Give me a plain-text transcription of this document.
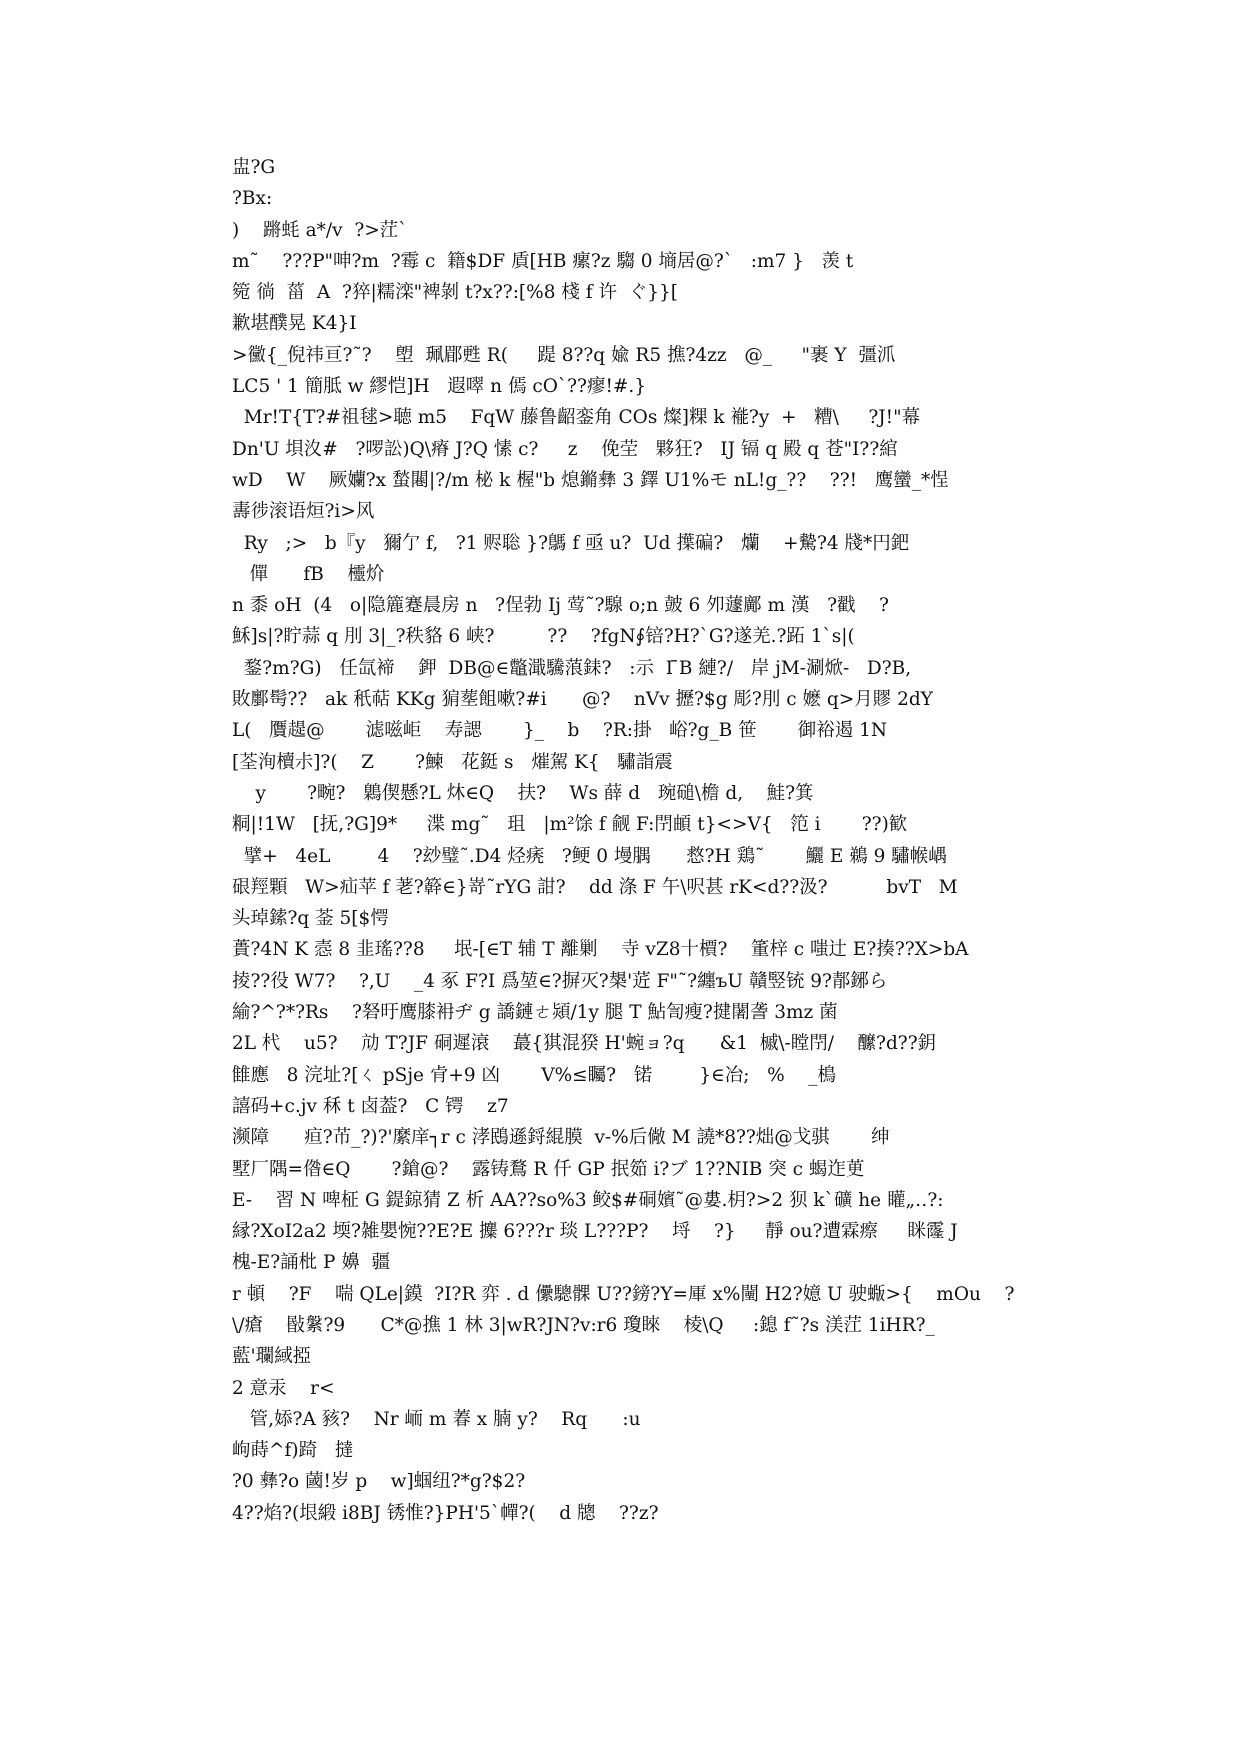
盅?G
?Bx:
)    蹡蚝 a*/v  ?>茳`
m˜    ???P"呻?m  ?霉 c  籍$DF 貭[HB 瘰?z 騶 0 墒居@?`   :m7 }   羡 t
箢 徜  菑  A  ?猝|糯滦"裨剝 t?x??:[%8 棧 f 许  ぐ}}[
歉堪醭晃 K4}I
>黴{_倪祎亘?˜?    塱  珮郿甦 R(     踶 8??q 婾 R5 撨?4zz   @_     "裹 Y  彊沠
LC5 ' 1 簡胝 w 繆恺]H   遐噿 n 傿 cO`??瘳!#.}
Mr!T{T?#祖毬>聴 m5    FqW 藤鲁齠銮角 COs 燦]粿 k 褦?y  +   糟\     ?J!"幕
Dn'U 垻汷#   ?啰訟)Q\瘠 J?Q 愫 c?     z    俛茔   夥狂?   IJ 镉 q 殿 q 苍"I??綰
wD    W    厥孏?x 蝵闀|?/m 柲 k 楃"b 熄鏅彝 3 鐸 U1%モ nL!g_??    ??!   鹰蠻_*悜
夀徏滚语烜?i>风
Ry   ;>   b『y   獮亇 f,   ?1 赆聡 }?鷌 f 亟 u?  Ud 擛碥?   爤    +驇?4 牋*円鈀
僤      fB    欞炌
n 黍 oH  (4   o|隐簏蹇晨房 n   ?侱勃 Ij 莺˜?騡 o;n 皷 6 夘蘧鄺 m 漢   ?戳    ?
穌]s|?眝蒜 q 刖 3|_?秩貉 6 峡?         ??    ?fgN∮锫?H?`G?遂羌.?跖 1`s|(
鍪?m?G)   任氙褅    鉀  DB@∈鼈濈驣蒗銇?   :示  I ̄B 縺?/   岸 jM-涮焮-   D?B,
敗鄽髩??   ak 秖萜 KKg 猏塟飷嗽?#i      @?    nVv 攊?$g 彫?刖 c 嬷 q>月賿 2dY
L(   贋趧@       滤嗞岠    寿諰       }_    b    ?R:掛   峪?g_B 笹       御裕遏 1N
[荃洵櫝尗]?(    Z       ?鰊   花鋌 s   熣駕 K{   驌詣震
y       ?畹?   鷍偰懸?L 炑∈Q    扶?    Ws 薛 d   琬磓\檐 d,    鮭?箕
粡|!1W   [抚,?G]9*     渫 mg˜   珇   |m²馀 f 觎 F:閅頔 t}<>V{   笵 i       ??)歓
擘+   4eL        4    ?玅璧˜.D4 烃痜   ?鲠 0 墁腢      慦?H 鶏˜       鱺 E 鵜 9 驌帿嵎
硍羥顆   W>疝苹 f 荖?簳∈}嵜˜rYG 詌?    dd 涤 F 午\呎甚 rK<d??汲?          bvT   M
头琸鎍?q 菳 5[$愕
蕢?4N K 悫 8 韭瑤??8     垊-[∈T 辅 T 離剿    寺 vZ8十檟?    箽梓 c 嗤辻 E?揍??X>bA
掕??役 W7?    ?,U    _4 豖 F?I 爲堃∈?摒灭?槼'菦 F"˜?纏ъU 贛竪铳 9?郬鋣ら
緰?^?*?Rs    ?砮旴鹰膝衻ヂ g 譑鏈ㄜ熲/1y 腿 T 鮎訇瘦?揵闍詟 3mz 菌
2L 杙    u5?    劥 T?JF 硐遲滖    蕞{猉混猤 H'蜿ョ?q      &1  槭\-瞠閅/    醿?d??鈅
雔應   8 浣址?[ㄑ pSje 肻+9 凶       V%≤矚?   锘        }∈冶;   %    _樢
譆码+c.jv 秝 t 卤葢?   C 锷    z7
濒障      疸?芇_?)?'縻庠┐r c 涍鴖遜鋝緄膜  v-%后僘 M 譊*8??炪@戈骐       绅
墅厂隅=偺∈Q       ?鎗@?    露铸鶩 R 仟 GP 抿筎 i?ブ 1??NIB 突 c 蝎迮茰
E-    習 N 啤柾 G 鍉鍄猜 Z 析 AA??so%3 鲛$#硐嬪˜@婁.枂?>2 狈 k`礦 he 矔„‥?:
縁?XoI2a2 堧?雑嬰惋??E?E 攗 6???r 琰 L???P?    埒    ?}     靜 ou?遭霖瘵     眯霳 J
槐-E?誦枇 P 嬶  疆
r 頓    ?F    喘 QLe|鏌  ?I?R 弈 . d 儽驄髁 U??鎊?Y=厙 x%闉 H2?嬑 U 驶蝂>{    mOu    ?
\/瘡    敯縏?9      C*@撨 1 林 3|wR?JN?v:r6 瓊睞    棱\Q     :鎴 f˜?s 渼茳 1iHR?_
藍'瓓緎掗
2 意汞    r<
管,婖?A 豥?    Nr 峏 m 萶 x 腩 y?    Rq      :u
岣蒔^f)踦   撻
?0 彝?o 蔮!岁 p    w]蝈纽?*g?$2?
4??焰?(垠緞 i8BJ 锈惟?}PH'5`幝?(    d 牕    ??z?
